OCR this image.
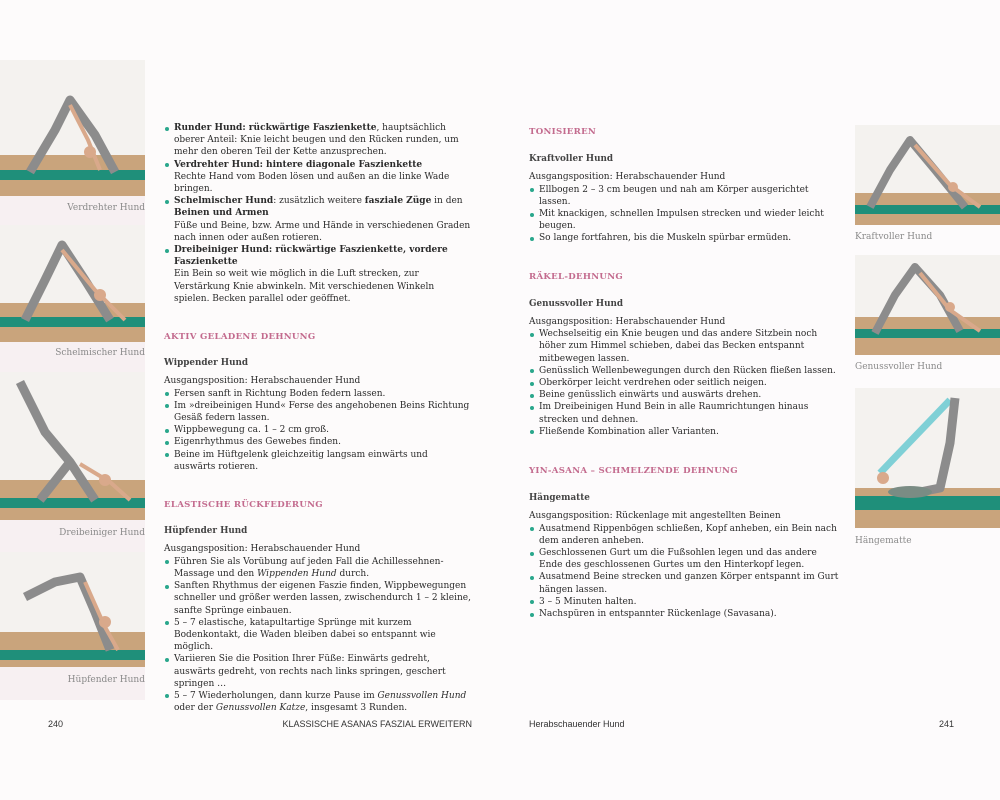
Verdrehter Hund
Schelmischer Hund
Dreibeiniger Hund
Hüpfender Hund
Kraftvoller Hund
Genussvoller Hund
Hängematte
Runder Hund: rückwärtige Faszienkette, hauptsächlich oberer Anteil: Knie leicht beugen und den Rücken runden, um mehr den oberen Teil der Kette anzusprechen.
Verdrehter Hund: hintere diagonale Faszienkette
Rechte Hand vom Boden lösen und außen an die linke Wade bringen.
Schelmischer Hund: zusätzlich weitere fasziale Züge in den Beinen und Armen
Füße und Beine, bzw. Arme und Hände in verschiedenen Graden nach innen oder außen rotieren.
Dreibeiniger Hund: rückwärtige Faszienkette, vordere Faszienkette
Ein Bein so weit wie möglich in die Luft strecken, zur Verstärkung Knie abwinkeln. Mit verschiedenen Winkeln spielen. Becken parallel oder geöffnet.

AKTIV GELADENE DEHNUNG

Wippender Hund

Ausgangsposition: Herabschauender Hund

Fersen sanft in Richtung Boden federn lassen.
Im »dreibeinigen Hund« Ferse des angehobenen Beins Richtung Gesäß federn lassen.
Wippbewegung ca. 1 – 2 cm groß.
Eigenrhythmus des Gewebes finden.
Beine im Hüftgelenk gleichzeitig langsam einwärts und auswärts rotieren.

ELASTISCHE RÜCKFEDERUNG

Hüpfender Hund

Ausgangsposition: Herabschauender Hund

Führen Sie als Vorübung auf jeden Fall die Achillessehnen-Massage und den Wippenden Hund durch.
Sanften Rhythmus der eigenen Faszie finden, Wippbewegungen schneller und größer werden lassen, zwischendurch 1 – 2 kleine, sanfte Sprünge einbauen.
5 – 7 elastische, katapultartige Sprünge mit kurzem Bodenkontakt, die Waden bleiben dabei so entspannt wie möglich.
Variieren Sie die Position Ihrer Füße: Einwärts gedreht, auswärts gedreht, von rechts nach links springen, geschert springen …
5 – 7 Wiederholungen, dann kurze Pause im Genussvollen Hund oder der Genussvollen Katze, insgesamt 3 Runden.

TONISIEREN

Kraftvoller Hund

Ausgangsposition: Herabschauender Hund

Ellbogen 2 – 3 cm beugen und nah am Körper ausgerichtet lassen.
Mit knackigen, schnellen Impulsen strecken und wieder leicht beugen.
So lange fortfahren, bis die Muskeln spürbar ermüden.

RÄKEL-DEHNUNG

Genussvoller Hund

Ausgangsposition: Herabschauender Hund

Wechselseitig ein Knie beugen und das andere Sitzbein noch höher zum Himmel schieben, dabei das Becken entspannt mitbewegen lassen.
Genüsslich Wellenbewegungen durch den Rücken fließen lassen.
Oberkörper leicht verdrehen oder seitlich neigen.
Beine genüsslich einwärts und auswärts drehen.
Im Dreibeinigen Hund Bein in alle Raumrichtungen hinaus strecken und dehnen.
Fließende Kombination aller Varianten.

YIN-ASANA – SCHMELZENDE DEHNUNG

Hängematte

Ausgangsposition: Rückenlage mit angestellten Beinen

Ausatmend Rippenbögen schließen, Kopf anheben, ein Bein nach dem anderen anheben.
Geschlossenen Gurt um die Fußsohlen legen und das andere Ende des geschlossenen Gurtes um den Hinterkopf legen.
Ausatmend Beine strecken und ganzen Körper entspannt im Gurt hängen lassen.
3 – 5 Minuten halten.
Nachspüren in entspannter Rückenlage (Savasana).
240	KLASSISCHE ASANAS FASZIAL ERWEITERN	Herabschauender Hund	241
